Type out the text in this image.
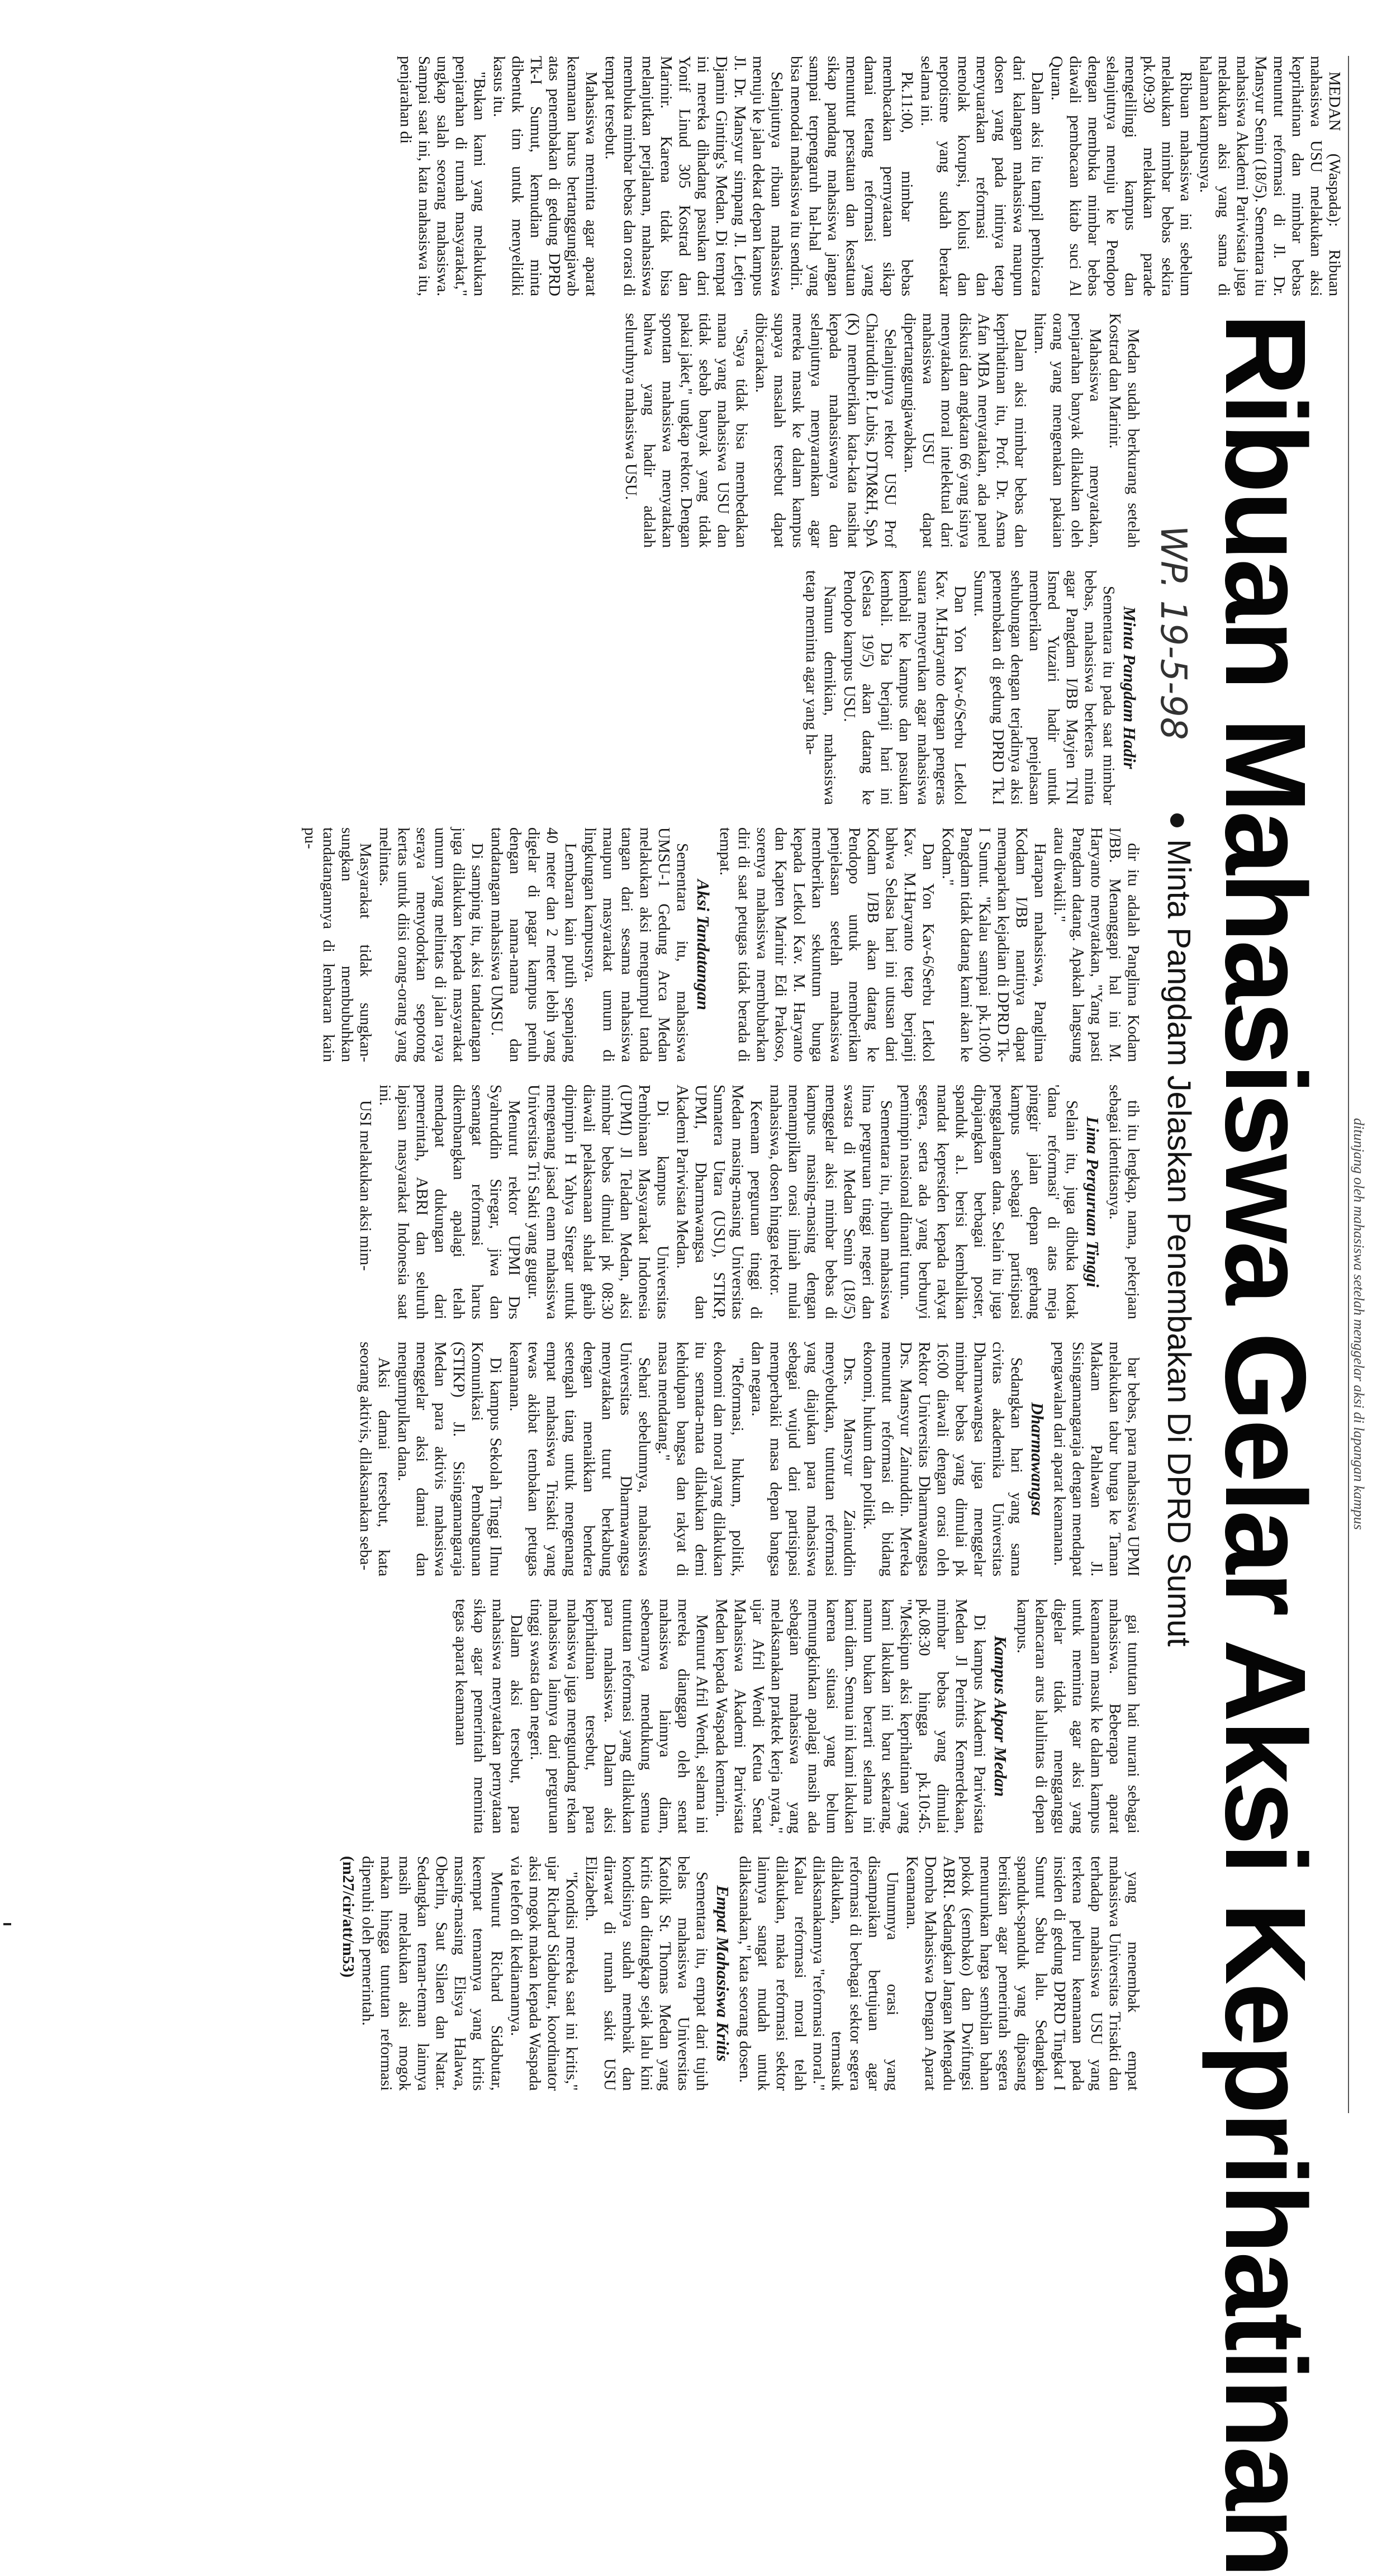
ditunjang oleh mahasiswa setelah menggelar aksi di lapangan kampus

MEDAN (Waspada): Ribuan mahasiswa USU melakukan aksi keprihatinan dan mimbar bebas menuntut reformasi di Jl. Dr. Mansyur Senin (18/5). Sementara itu mahasiswa Akademi Pariwisata juga melakukan aksi yang sama di halaman kampusnya.

Ribuan mahasiswa ini sebelum melakukan mimbar bebas sekira pk.09:30 melakukan parade mengelilingi kampus dan selanjutnya menuju ke Pendopo dengan membuka mimbar bebas diawali pembacaan kitab suci Al Quran.

Dalam aksi itu tampil pembicara dari kalangan mahasiswa maupun dosen yang pada intinya tetap menyuarakan reformasi dan menolak korupsi, kolusi dan nepotisme yang sudah berakar selama ini.

Pk.11:00, mimbar bebas membacakan pernyataan sikap damai tetang reformasi yang menuntut persatuan dan kesatuan sikap pandang mahasiswa jangan sampai terpengaruh hal-hal yang bisa menodai mahasiswa itu sendiri.

Selanjutnya ribuan mahasiswa menuju ke jalan dekat depan kampus Jl. Dr. Mansyur simpang Jl. Letjen Djamin Ginting's Medan. Di tempat ini mereka dihadang pasukan dari Yonif Linud 305 Kostrad dan Marinir. Karena tidak bisa melanjutkan perjalanan, mahasiswa membuka mimbar bebas dan orasi di tempat tersebut.

Mahasiswa meminta agar aparat keamanan harus bertanggungjawab atas penembakan di gedung DPRD Tk-I Sumut, kemudian minta dibentuk tim untuk menyelidiki kasus itu.

"Bukan kami yang melakukan penjarahan di rumah masyarakat," ungkap salah seorang mahasiswa. Sampai saat ini, kata mahasiswa itu, penjarahan di

Ribuan Mahasiswa Gelar Aksi Keprihatinan
WP. 19-5-98
● Minta Pangdam Jelaskan Penembakan Di DPRD Sumut

Medan sudah berkurang setelah Kostrad dan Marinir.

Mahasiswa menyatakan, penjarahan banyak dilakukan oleh orang yang mengenakan pakaian hitam.

Dalam aksi mimbar bebas dan keprihatinan itu, Prof. Dr. Asma Afan MBA menyatakan, ada panel diskusi dan angkatan 66 yang isinya menyatakan moral intelektual dari mahasiswa USU dapat dipertanggungjawabkan.

Selanjutnya rektor USU Prof Chairuddin P. Lubis, DTM&H, SpA (K) memberikan kata-kata nasihat kepada mahasiswanya dan selanjutnya menyarankan agar mereka masuk ke dalam kampus supaya masalah tersebut dapat dibicarakan.

"Saya tidak bisa membedakan mana yang mahasiswa USU dan tidak sebab banyak yang tidak pakai jaket," ungkap rektor. Dengan spontan mahasiswa menyatakan bahwa yang hadir adalah seluruhnya mahasiswa USU.

Minta Pangdam Hadir

Sementara itu pada saat mimbar bebas, mahasiswa berkeras minta agar Pangdam I/BB Mayjen TNI Ismed Yuzairi hadir untuk memberikan penjelasan sehubungan dengan terjadinya aksi penembakan di gedung DPRD Tk.I Sumut.

Dan Yon Kav-6/Serbu Letkol Kav. M.Haryanto dengan pengeras suara menyerukan agar mahasiswa kembali ke kampus dan pasukan kembali. Dia berjanji hari ini (Selasa 19/5) akan datang ke Pendopo kampus USU.

Namun demikian, mahasiswa tetap meminta agar yang ha-

dir itu adalah Panglima Kodam I/BB. Menanggapi hal ini M. Haryanto menyatakan, "Yang pasti Pangdam datang. Apakah langsung atau diwakili."

Harapan mahasiswa, Panglima Kodam I/BB nantinya dapat memaparkan kejadian di DPRD Tk-I Sumut. "Kalau sampai pk.10:00 Pangdam tidak datang kami akan ke Kodam."

Dan Yon Kav-6/Serbu Letkol Kav. M.Haryanto tetap berjanji bahwa Selasa hari ini utusan dari Kodam I/BB akan datang ke Pendopo untuk memberikan penjelasan setelah mahasiswa memberikan sekuntum bunga kepada Letkol Kav. M. Haryanto dan Kapten Marinir Edi Prakoso, sorenya mahasiswa membubarkan diri di saat petugas tidak berada di tempat.

Aksi Tandatangan

Sementara itu, mahasiswa UMSU-1 Gedung Arca Medan melakukan aksi mengumpul tanda tangan dari sesama mahasiswa maupun masyarakat umum di lingkungan kampusnya.

Lembaran kain putih sepanjang 40 meter dan 2 meter lebih yang digelar di pagar kampus penuh dengan nama-nama dan tandatangan mahasiswa UMSU.

Di samping itu, aksi tandatangan juga dilakukan kepada masyarakat umum yang melintas di jalan raya seraya menyodorkan sepotong kertas untuk diisi orang-orang yang melintas.

Masyarakat tidak sungkan-sungkan membubuhkan tandatangannya di lembaran kain pu-

tih itu lengkap, nama, pekerjaan sebagai identitasnya.

Lima Perguruan Tinggi

Selain itu, juga dibuka kotak 'dana reformasi' di atas meja pinggir jalan depan gerbang kampus sebagai partisipasi penggalangan dana. Selain itu juga dipajangkan berbagai poster, spanduk a.l. berisi kembalikan mandat kepresiden kepada rakyat segera, serta ada yang berbunyi pemimpin nasional dinanti turun.

Sementara itu, ribuan mahasiswa lima perguruan tinggi negeri dan swasta di Medan Senin (18/5) menggelar aksi mimbar bebas di kampus masing-masing dengan menampilkan orasi ilmiah mulai mahasiswa, dosen hingga rektor.

Keenam perguruan tinggi di Medan masing-masing Universitas Sumatera Utara (USU), STIKP, UPMI, Dharmawangsa dan Akademi Pariwisata Medan.

Di kampus Universitas Pembinaan Masyarakat Indonesia (UPMI) Jl Teladan Medan, aksi mimbar bebas dimulai pk 08:30 diawali pelaksanaan shalat ghaib dipimpin H Yahya Siregar untuk mengenang jasad enam mahasiswa Universitas Tri Sakti yang gugur.

Menurut rektor UPMI Drs Syahruddin Siregar, jiwa dan semangat reformasi harus dikembangkan apalagi telah mendapat dukungan dari pemerintah, ABRI dan seluruh lapisan masyarakat Indonesia saat ini.

USI melakukan aksi mim-

bar bebas, para mahasiswa UPMI melakukan tabur bunga ke Taman Makam Pahlawan Jl. Sisingamangaraja dengan mendapat pengawalan dari aparat keamanan.

Dharmawangsa

Sedangkan hari yang sama civitas akademika Universitas Dharmawangsa juga menggelar mimbar bebas yang dimulai pk 16:00 diawali dengan orasi oleh Rektor Universitas Dharmawangsa Drs. Mansyur Zainuddin. Mereka menuntut reformasi di bidang ekonomi, hukum dan politik.

Drs. Mansyur Zainuddin menyebutkan, tuntutan reformasi yang diajukan para mahasiswa sebagai wujud dari partisipasi memperbaiki masa depan bangsa dan negara.

"Reformasi, hukum, politik, ekonomi dan moral yang dilakukan itu semata-mata dilakukan demi kehidupan bangsa dan rakyat di masa mendatang."

Sehari sebelumnya, mahasiswa Universitas Dharmawangsa menyatakan turut berkabung dengan menaikkan bendera setengah tiang untuk mengenang empat mahasiswa Trisakti yang tewas akibat tembakan petugas keamanan.

Di kampus Sekolah Tinggi Ilmu Komunikasi Pembangunan (STIKP) Jl. Sisingamangaraja Medan para aktivis mahasiswa menggelar aksi damai dan mengumpulkan dana.

Aksi damai tersebut, kata seorang aktivis, dilaksanakan seba-

gai tuntutan hati nurani sebagai mahasiswa. Beberapa aparat keamanan masuk ke dalam kampus untuk meminta agar aksi yang digelar tidak mengganggu kelancaran arus lalulintas di depan kampus.

Kampus Akpar Medan

Di kampus Akademi Pariwisata Medan Jl Perintis Kemerdekaan, mimbar bebas yang dimulai pk.08:30 hingga pk.10:45. "Meskipun aksi keprihatinan yang kami lakukan ini baru sekarang, namun bukan berarti selama ini kami diam. Semua ini kami lakukan karena situasi yang belum memungkinkan apalagi masih ada sebagian mahasiswa yang melaksanakan praktek kerja nyata," ujar Afril Wendi Ketua Senat Mahasiswa Akademi Pariwisata Medan kepada Waspada kemarin.

Menurut Afril Wendi, selama ini mereka dianggap oleh senat mahasiswa lainnya diam, sebenarnya mendukung semua tuntutan reformasi yang dilakukan para mahasiswa. Dalam aksi keprihatinan tersebut, para mahasiswa juga mengundang rekan mahasiswa lainnya dari perguruan tinggi swasta dan negeri.

Dalam aksi tersebut, para mahasiswa menyatakan pernyataan sikap agar pemerintah meminta tegas aparat keamanan

yang menembak empat mahasiswa Universitas Trisakti dan terhadap mahasiswa USU yang terkena peluru keamanan pada insiden di gedung DPRD Tingkat I Sumut Sabtu lalu. Sedangkan spanduk-spanduk yang dipasang berisikan agar pemerintah segera menurunkan harga sembilan bahan pokok (sembako) dan Dwifungsi ABRI. Sedangkan Jangan Mengadu Domba Mahasiswa Dengan Aparat Keamanan.

Umumnya orasi yang disampaikan bertujuan agar reformasi di berbagai sektor segera dilakukan, termasuk dilaksanakannya "reformasi moral." Kalau reformasi moral telah dilakukan, maka reformasi sektor lainnya sangat mudah untuk dilaksanakan," kata seorang dosen.

Empat Mahasiswa Kritis

Sementara itu, empat dari tujuh belas mahasiswa Universitas Katolik St. Thomas Medan yang kritis dan ditangkap sejak lalu kini kondisinya sudah membaik dan dirawat di rumah sakit USU Elizabeth.

"Kondisi mereka saat ini kritis," ujar Richard Sidabutar, koordinator aksi mogok makan kepada Waspada via telefon di kediamannya.

Menurut Richard Sidabutar, keempat temannya yang kritis masing-masing Elisya Halawa, Oberlin, Saut Silaen dan Natar. Sedangkan teman-teman lainnya masih melakukan aksi mogok makan hingga tuntutan reformasi dipenuhi oleh pemerintah.

(m27/cir/att/m53)
